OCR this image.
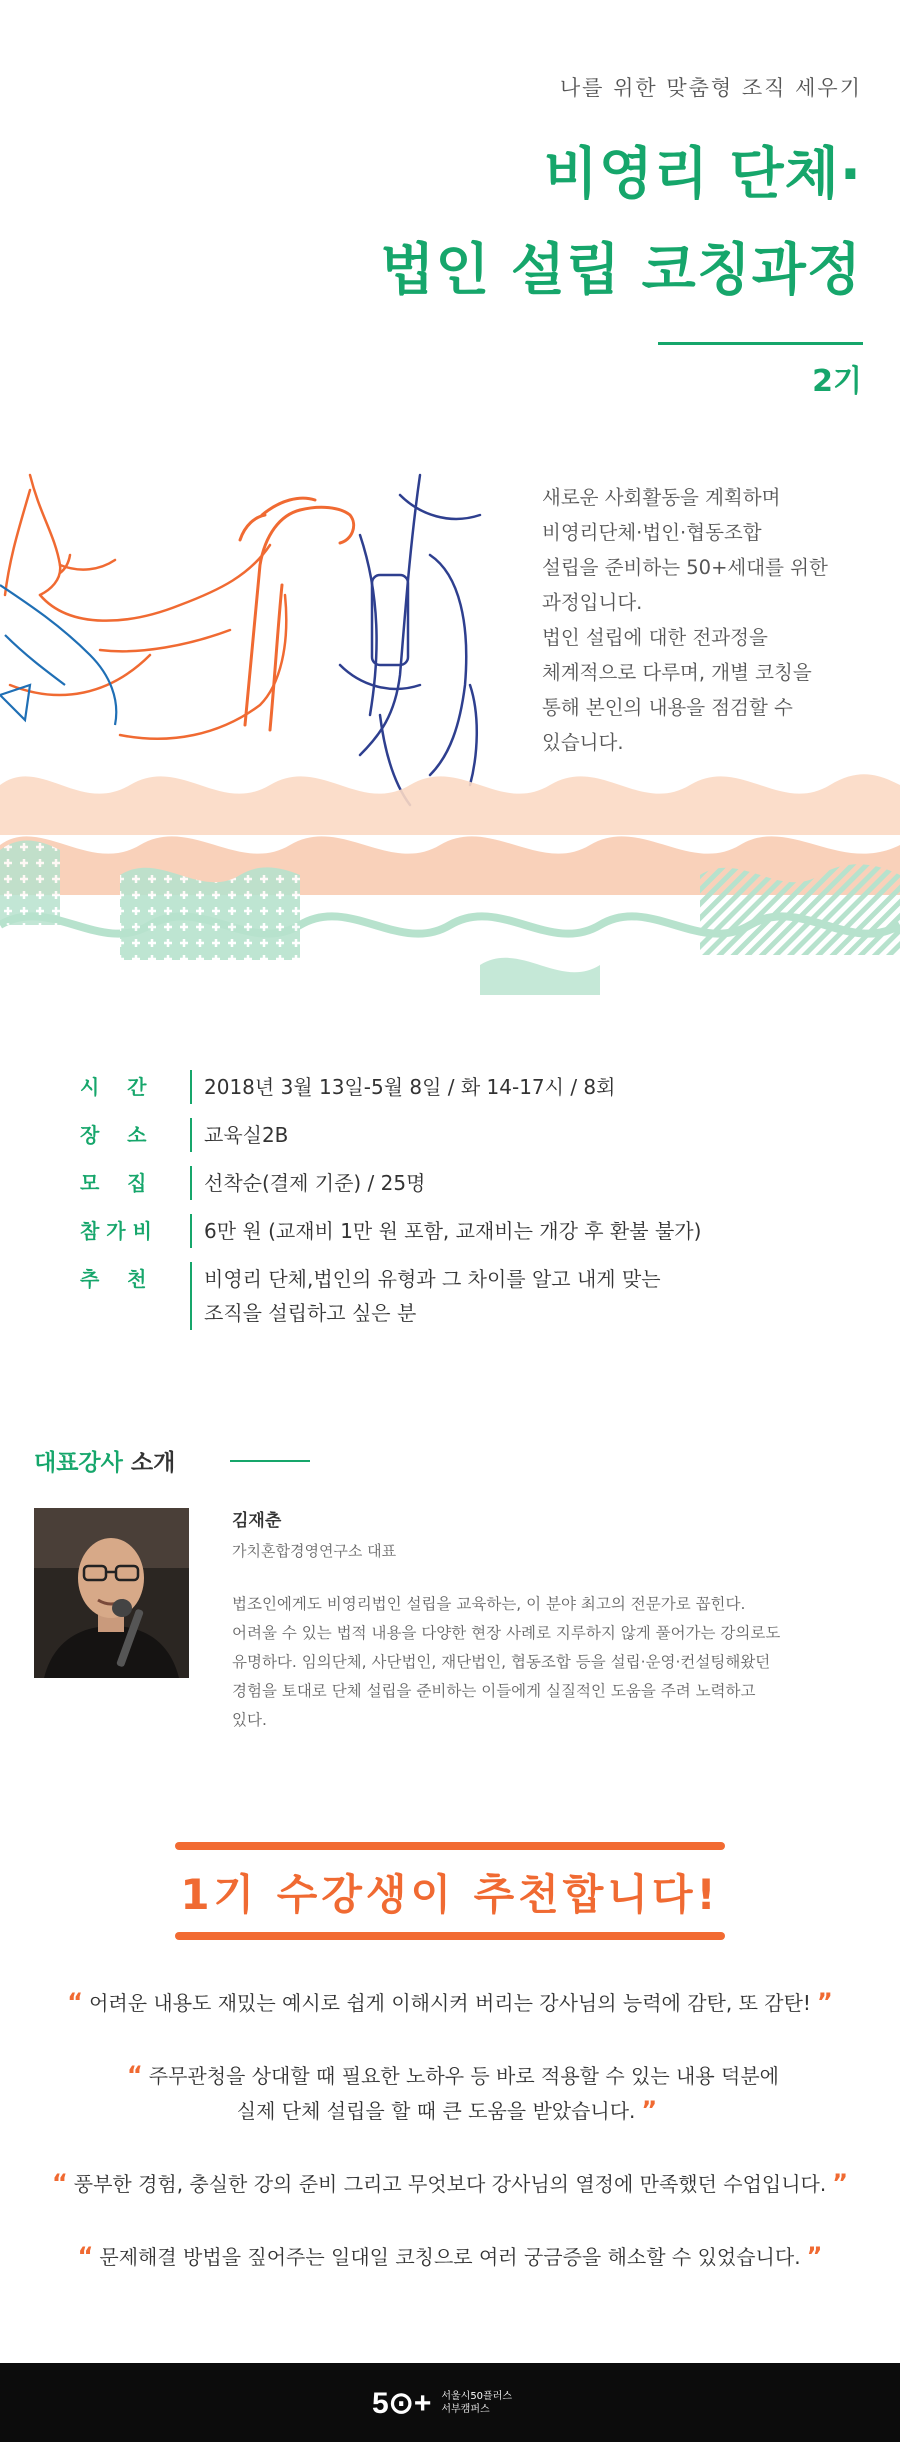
나를 위한 맞춤형 조직 세우기
비영리 단체·
법인 설립 코칭과정
2기
새로운 사회활동을 계획하며
비영리단체·법인·협동조합
설립을 준비하는 50+세대를 위한
과정입니다.
법인 설립에 대한 전과정을
체계적으로 다루며, 개별 코칭을
통해 본인의 내용을 점검할 수
있습니다.
시    간	2018년 3월 13일-5월 8일 / 화 14-17시 / 8회
장    소	교육실2B
모    집	선착순(결제 기준) / 25명
참 가 비	6만 원 (교재비 1만 원 포함, 교재비는 개강 후 환불 불가)
추    천	비영리 단체,법인의 유형과 그 차이를 알고 내게 맞는
조직을 설립하고 싶은 분
대표강사 소개
김재춘
가치혼합경영연구소 대표
법조인에게도 비영리법인 설립을 교육하는, 이 분야 최고의 전문가로 꼽힌다.
어려울 수 있는 법적 내용을 다양한 현장 사례로 지루하지 않게 풀어가는 강의로도
유명하다. 임의단체, 사단법인, 재단법인, 협동조합 등을 설립·운영·컨설팅해왔던
경험을 토대로 단체 설립을 준비하는 이들에게 실질적인 도움을 주려 노력하고
있다.
1기 수강생이 추천합니다!
“ 어려운 내용도 재밌는 예시로 쉽게 이해시켜 버리는 강사님의 능력에 감탄, 또 감탄! ”
“ 주무관청을 상대할 때 필요한 노하우 등 바로 적용할 수 있는 내용 덕분에
실제 단체 설립을 할 때 큰 도움을 받았습니다. ”
“ 풍부한 경험, 충실한 강의 준비 그리고 무엇보다 강사님의 열정에 만족했던 수업입니다. ”
“ 문제해결 방법을 짚어주는 일대일 코칭으로 여러 궁금증을 해소할 수 있었습니다. ”
5⊙+ 서울시50플러스
서부캠퍼스
